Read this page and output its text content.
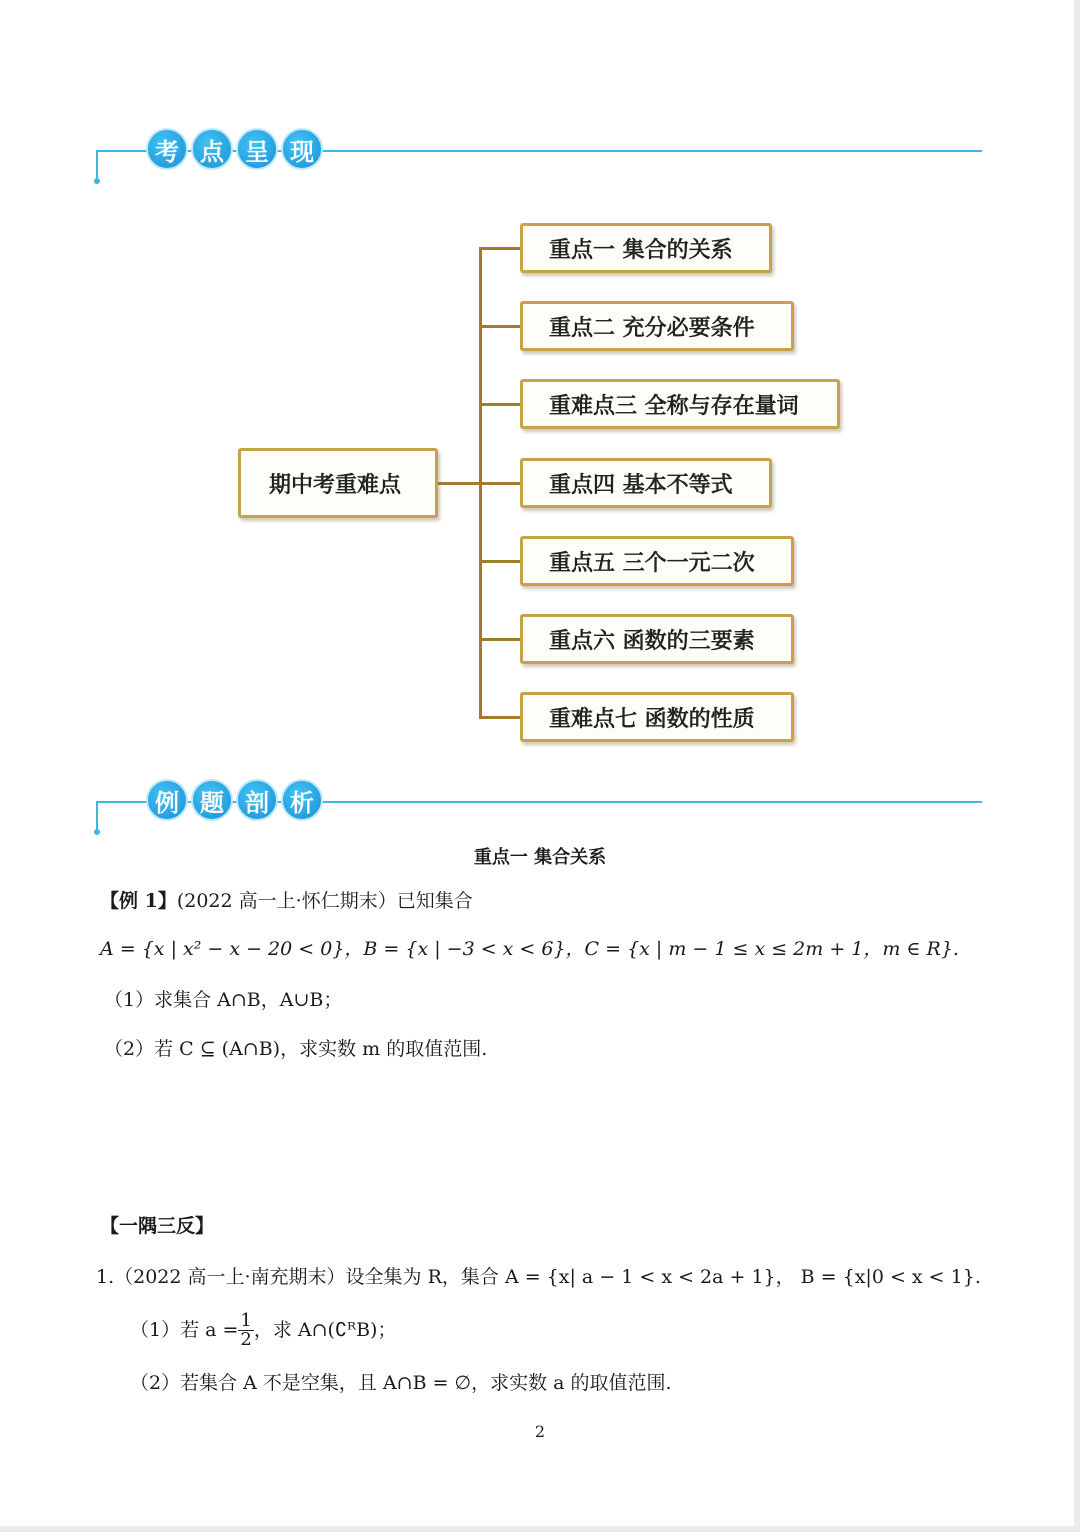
考 点 呈 现
期中考重难点
重点一 集合的关系
重点二 充分必要条件
重难点三 全称与存在量词
重点四 基本不等式
重点五 三个一元二次
重点六 函数的三要素
重难点七 函数的性质
例 题 剖 析
重点一 集合关系
【例 1】(2022 高一上·怀仁期末）已知集合
A = {x | x² − x − 20 < 0}，B = {x | −3 < x < 6}，C = {x | m − 1 ≤ x ≤ 2m + 1，m ∈ R}.
（1）求集合 A∩B，A∪B；
（2）若 C ⊆ (A∩B)，求实数 m 的取值范围.
【一隅三反】
1.（2022 高一上·南充期末）设全集为 R，集合 A = {x| a − 1 < x < 2a + 1}， B = {x|0 < x < 1}.
（1）若 $a = \frac{1}{2}$ ，求 A∩(∁ᴿB)；
（2）若集合 A 不是空集，且 A∩B = ∅，求实数 a 的取值范围.
2
